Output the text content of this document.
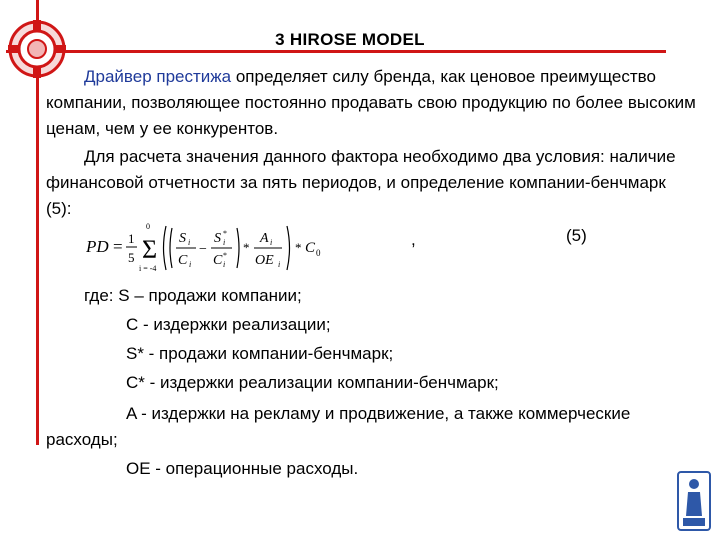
3 HIROSE MODEL

Драйвер престижа определяет силу бренда, как ценовое преимущество компании, позволяющее постоянно продавать свою продукцию по более высоким ценам, чем у ее конкурентов.

Для расчета значения данного фактора необходимо два условия: наличие финансовой отчетности за пять периодов, и определение компании-бенчмарк (5):

PD = 1
5
0
Σ
i = -4
S i
C i
−
S *
i
C *
i
*
A i
OE i
* C 0
,	(5)

где: S – продажи компании;

C - издержки реализации;

S* - продажи компании-бенчмарк;

C* - издержки реализации компании-бенчмарк;

A - издержки на рекламу и продвижение, а также коммерческие расходы;

OE - операционные расходы.
